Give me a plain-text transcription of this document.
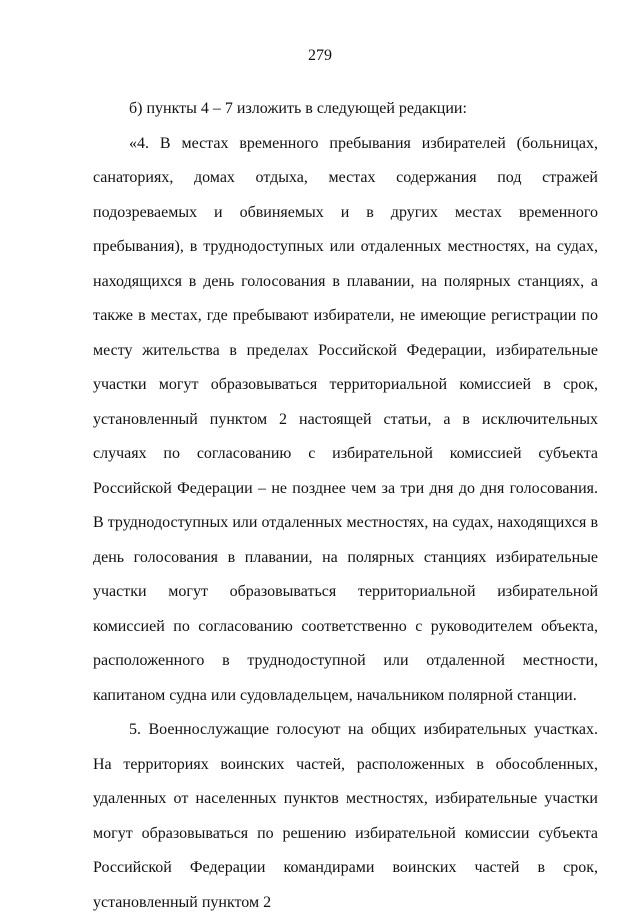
279

б) пункты 4 – 7 изложить в следующей редакции:

«4. В местах временного пребывания избирателей (больницах, санаториях, домах отдыха, местах содержания под стражей подозреваемых и обвиняемых и в других местах временного пребывания), в труднодоступных или отдаленных местностях, на судах, находящихся в день голосования в плавании, на полярных станциях, а также в местах, где пребывают избиратели, не имеющие регистрации по месту жительства в пределах Российской Федерации, избирательные участки могут образовываться территориальной комиссией в срок, установленный пунктом 2 настоящей статьи, а в исключительных случаях по согласованию с избирательной комиссией субъекта Российской Федерации – не позднее чем за три дня до дня голосования. В труднодоступных или отдаленных местностях, на судах, находящихся в день голосования в плавании, на полярных станциях избирательные участки могут образовываться территориальной избирательной комиссией по согласованию соответственно с руководителем объекта, расположенного в труднодоступной или отдаленной местности, капитаном судна или судовладельцем, начальником полярной станции.

5. Военнослужащие голосуют на общих избирательных участках. На территориях воинских частей, расположенных в обособленных, удаленных от населенных пунктов местностях, избирательные участки могут образовываться по решению избирательной комиссии субъекта Российской Федерации командирами воинских частей в срок, установленный пунктом 2
